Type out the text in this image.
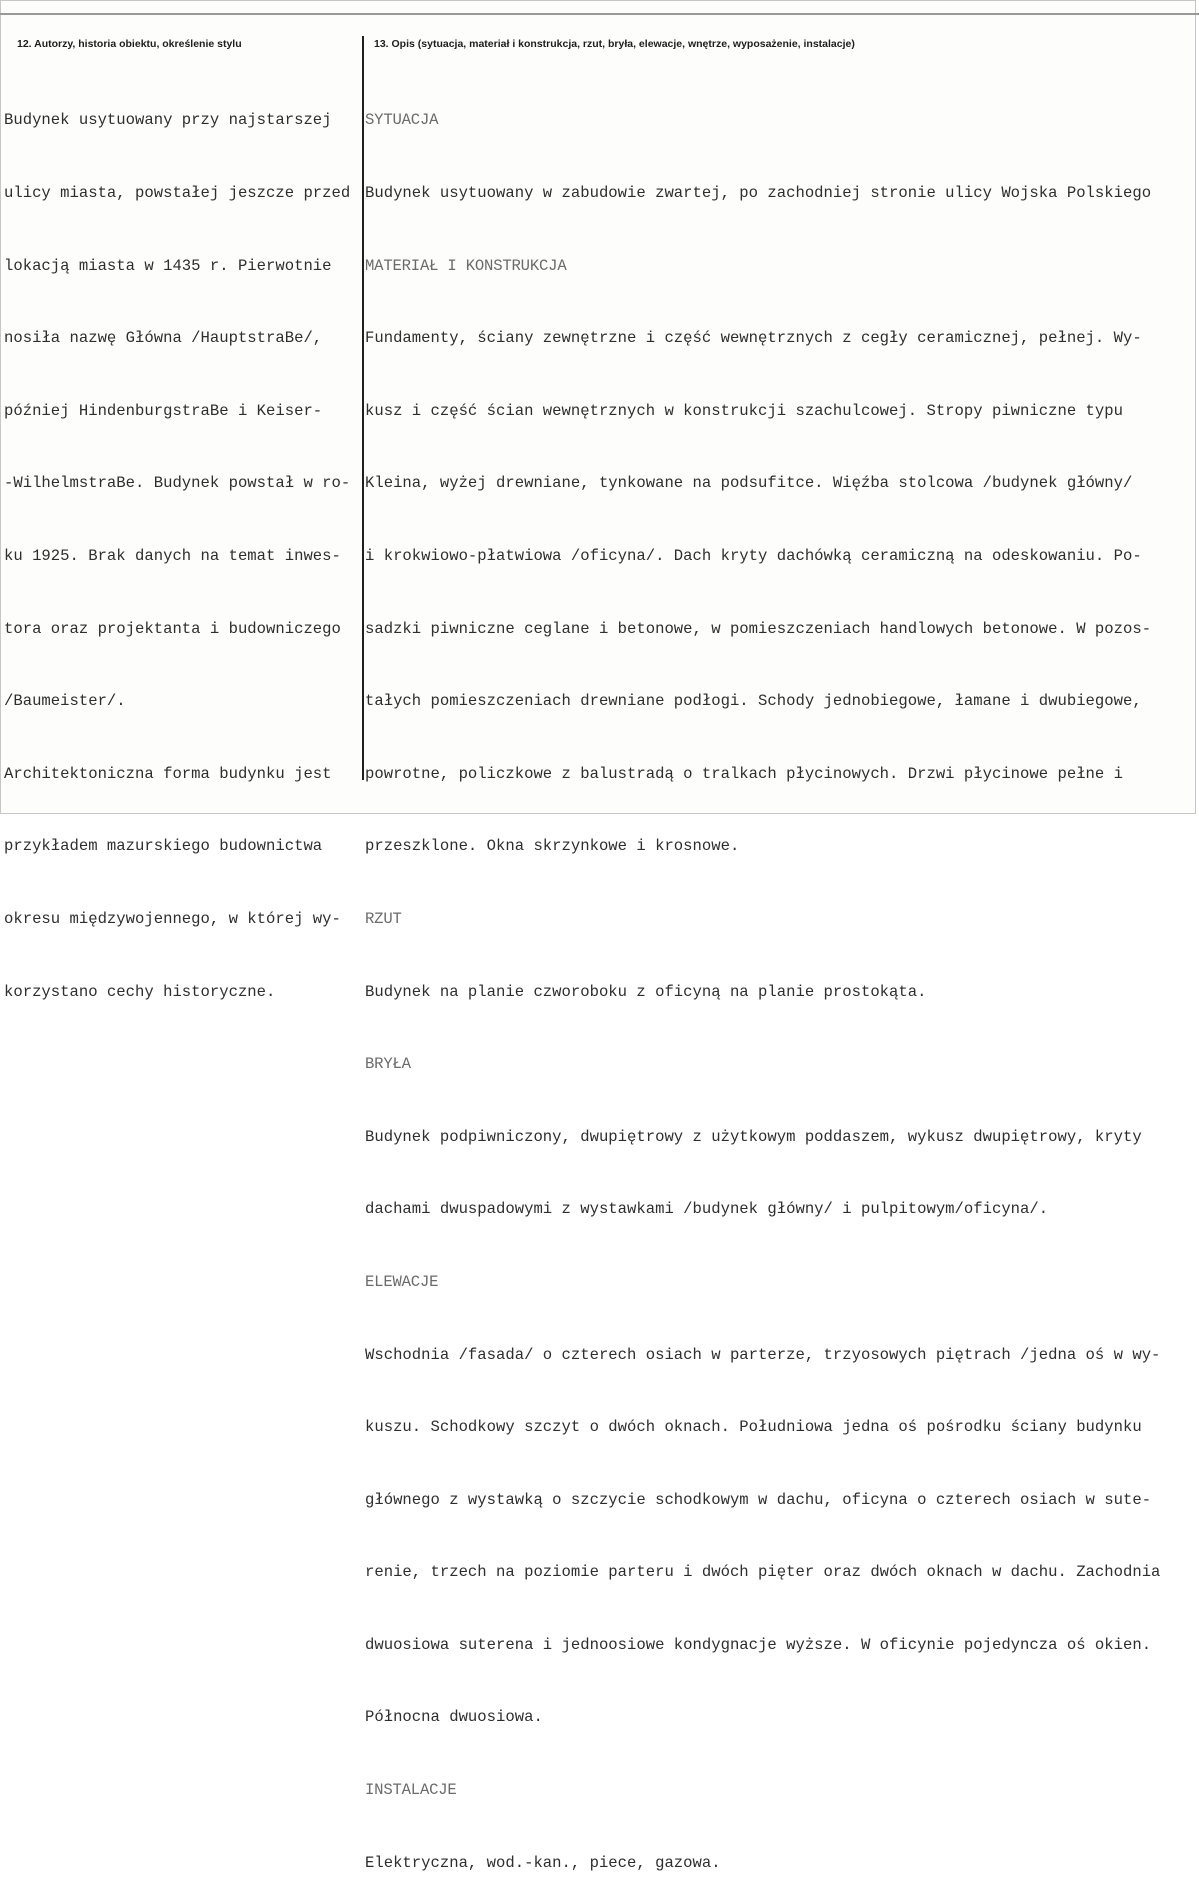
12. Autorzy, historia obiektu, określenie stylu	13. Opis (sytuacja, materiał i konstrukcja, rzut, bryła, elewacje, wnętrze, wyposażenie, instalacje)

Budynek usytuowany przy najstarszej

ulicy miasta, powstałej jeszcze przed

lokacją miasta w 1435 r. Pierwotnie

nosiła nazwę Główna /HauptstraBe/,

później HindenburgstraBe i Keiser-

-WilhelmstraBe. Budynek powstał w ro-

ku 1925. Brak danych na temat inwes-

tora oraz projektanta i budowniczego

/Baumeister/.

Architektoniczna forma budynku jest

przykładem mazurskiego budownictwa

okresu międzywojennego, w której wy-

korzystano cechy historyczne.

SYTUACJA

Budynek usytuowany w zabudowie zwartej, po zachodniej stronie ulicy Wojska Polskiego

MATERIAŁ I KONSTRUKCJA

Fundamenty, ściany zewnętrzne i część wewnętrznych z cegły ceramicznej, pełnej. Wy-

kusz i część ścian wewnętrznych w konstrukcji szachulcowej. Stropy piwniczne typu

Kleina, wyżej drewniane, tynkowane na podsufitce. Więźba stolcowa /budynek główny/

i krokwiowo-płatwiowa /oficyna/. Dach kryty dachówką ceramiczną na odeskowaniu. Po-

sadzki piwniczne ceglane i betonowe, w pomieszczeniach handlowych betonowe. W pozos-

tałych pomieszczeniach drewniane podłogi. Schody jednobiegowe, łamane i dwubiegowe,

powrotne, policzkowe z balustradą o tralkach płycinowych. Drzwi płycinowe pełne i

przeszklone. Okna skrzynkowe i krosnowe.

RZUT

Budynek na planie czworoboku z oficyną na planie prostokąta.

BRYŁA

Budynek podpiwniczony, dwupiętrowy z użytkowym poddaszem, wykusz dwupiętrowy, kryty

dachami dwuspadowymi z wystawkami /budynek główny/ i pulpitowym/oficyna/.

ELEWACJE

Wschodnia /fasada/ o czterech osiach w parterze, trzyosowych piętrach /jedna oś w wy-

kuszu. Schodkowy szczyt o dwóch oknach. Południowa jedna oś pośrodku ściany budynku

głównego z wystawką o szczycie schodkowym w dachu, oficyna o czterech osiach w sute-

renie, trzech na poziomie parteru i dwóch pięter oraz dwóch oknach w dachu. Zachodnia

dwuosiowa suterena i jednoosiowe kondygnacje wyższe. W oficynie pojedyncza oś okien.

Północna dwuosiowa.

INSTALACJE

Elektryczna, wod.-kan., piece, gazowa.
